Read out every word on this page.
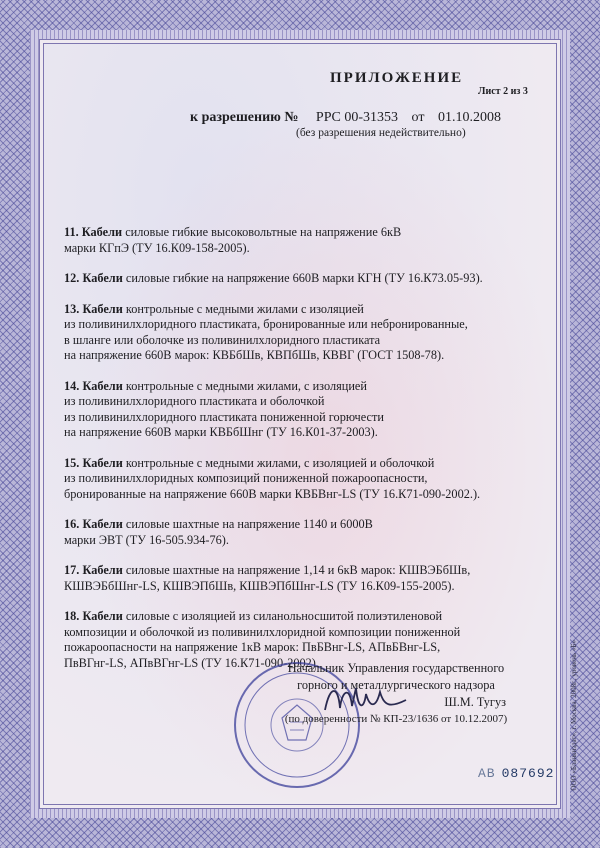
ПРИЛОЖЕНИЕ
Лист 2 из 3
к разрешению № PPC 00-31353 от 01.10.2008
(без разрешения недействительно)
11. Кабели силовые гибкие высоковольтные на напряжение 6кВ
марки КГпЭ (ТУ 16.К09-158-2005).
12. Кабели силовые гибкие на напряжение 660В марки КГН (ТУ 16.К73.05-93).
13. Кабели контрольные с медными жилами с изоляцией
из поливинилхлоридного пластиката, бронированные или небронированные,
в шланге или оболочке из поливинилхлоридного пластиката
на напряжение 660В марок: КВБбШв, КВПбШв, КВВГ (ГОСТ 1508-78).
14. Кабели контрольные с медными жилами, с изоляцией
из поливинилхлоридного пластиката и оболочкой
из поливинилхлоридного пластиката пониженной горючести
на напряжение 660В марки КВБбШнг (ТУ 16.К01-37-2003).
15. Кабели контрольные с медными жилами, с изоляцией и оболочкой
из поливинилхлоридных композиций пониженной пожароопасности,
бронированные на напряжение 660В марки КВБВнг-LS (ТУ 16.К71-090-2002.).
16. Кабели силовые шахтные на напряжение 1140 и 6000В
марки ЭВТ (ТУ 16-505.934-76).
17. Кабели силовые шахтные на напряжение 1,14 и 6кВ марок: КШВЭБбШв,
КШВЭБбШнг-LS, КШВЭПбШв, КШВЭПбШнг-LS (ТУ 16.К09-155-2005).
18. Кабели силовые с изоляцией из силанольносшитой полиэтиленовой
композиции и оболочкой из поливинилхлоридной композиции пониженной
пожароопасности на напряжение 1кВ марок: ПвБВнг-LS, АПвБВнг-LS,
ПвВГнг-LS, АПвВГнг-LS (ТУ 16.К71-090-2002).
Начальник Управления государственного
горного и металлургического надзора
Ш.М. Тугуз
(по доверенности № КП-23/1636 от 10.12.2007)
АВ 087692 ООО «Бланкиздат», г. Москва, 2008г., уровень «Б»
